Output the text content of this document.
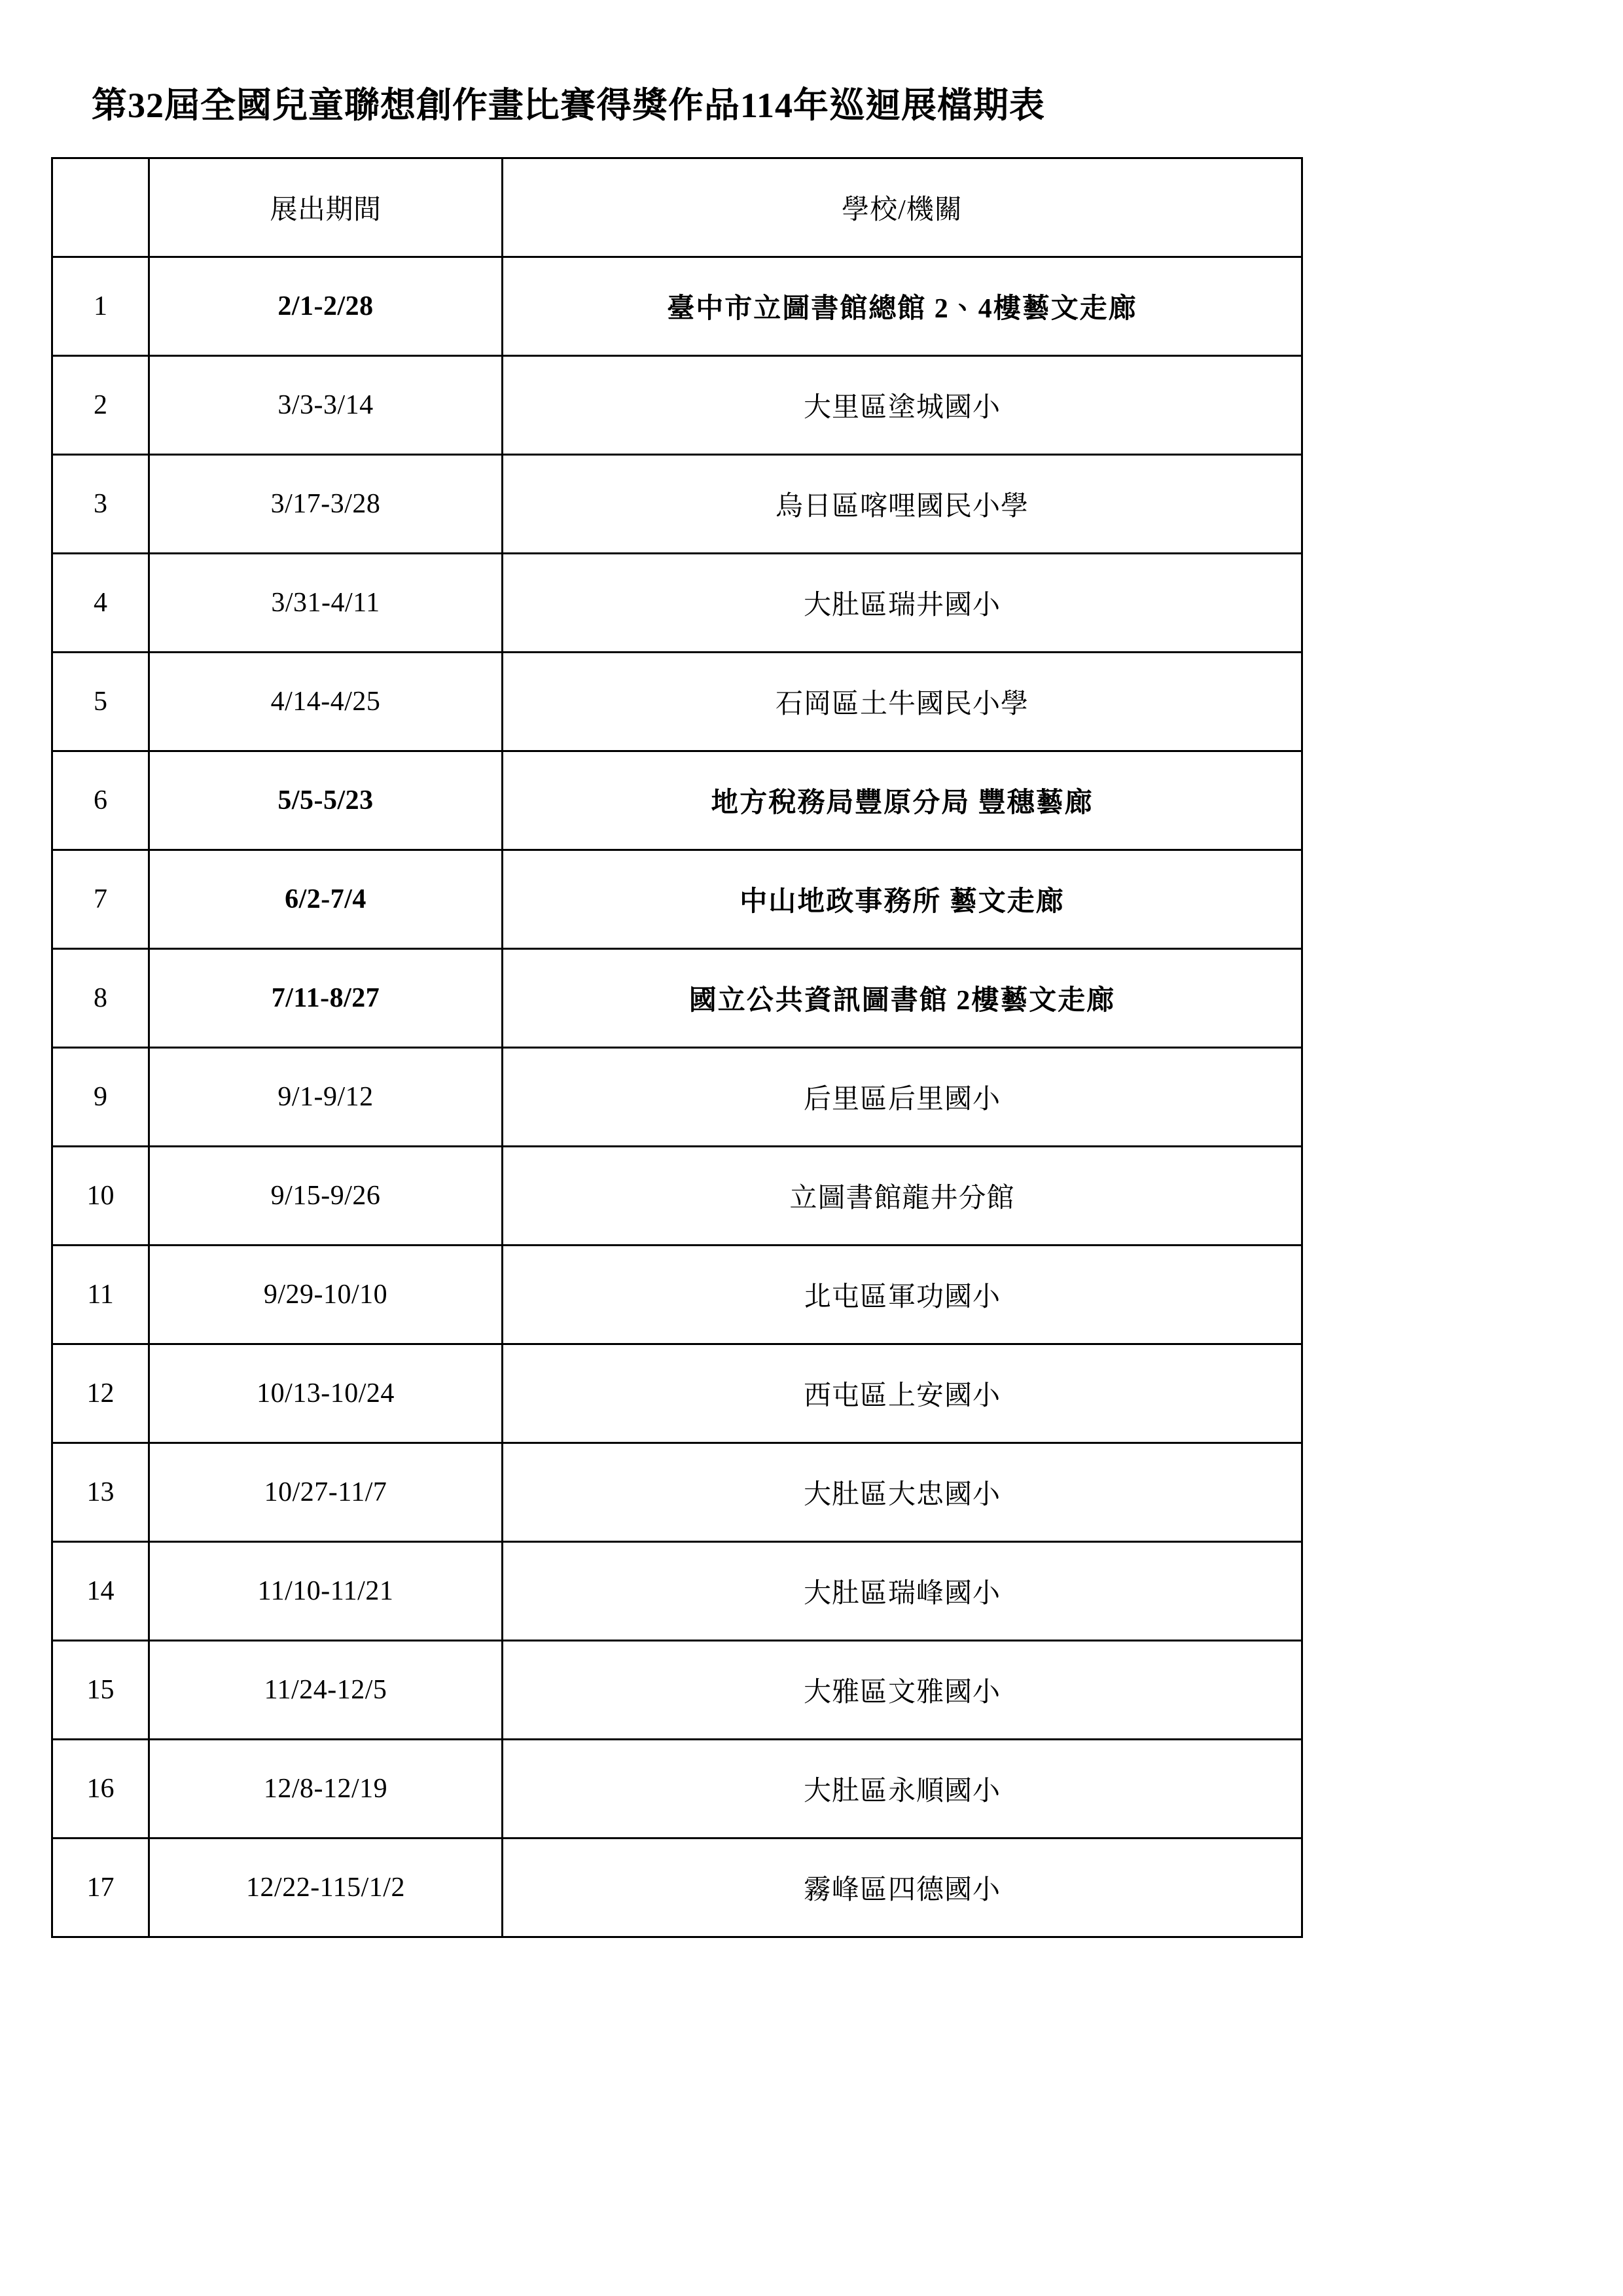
第32屆全國兒童聯想創作畫比賽得獎作品114年巡迴展檔期表
	展出期間	學校/機關
1	2/1-2/28	臺中市立圖書館總館 2、4樓藝文走廊
2	3/3-3/14	大里區塗城國小
3	3/17-3/28	烏日區喀哩國民小學
4	3/31-4/11	大肚區瑞井國小
5	4/14-4/25	石岡區土牛國民小學
6	5/5-5/23	地方稅務局豐原分局 豐穗藝廊
7	6/2-7/4	中山地政事務所 藝文走廊
8	7/11-8/27	國立公共資訊圖書館 2樓藝文走廊
9	9/1-9/12	后里區后里國小
10	9/15-9/26	立圖書館龍井分館
11	9/29-10/10	北屯區軍功國小
12	10/13-10/24	西屯區上安國小
13	10/27-11/7	大肚區大忠國小
14	11/10-11/21	大肚區瑞峰國小
15	11/24-12/5	大雅區文雅國小
16	12/8-12/19	大肚區永順國小
17	12/22-115/1/2	霧峰區四德國小
